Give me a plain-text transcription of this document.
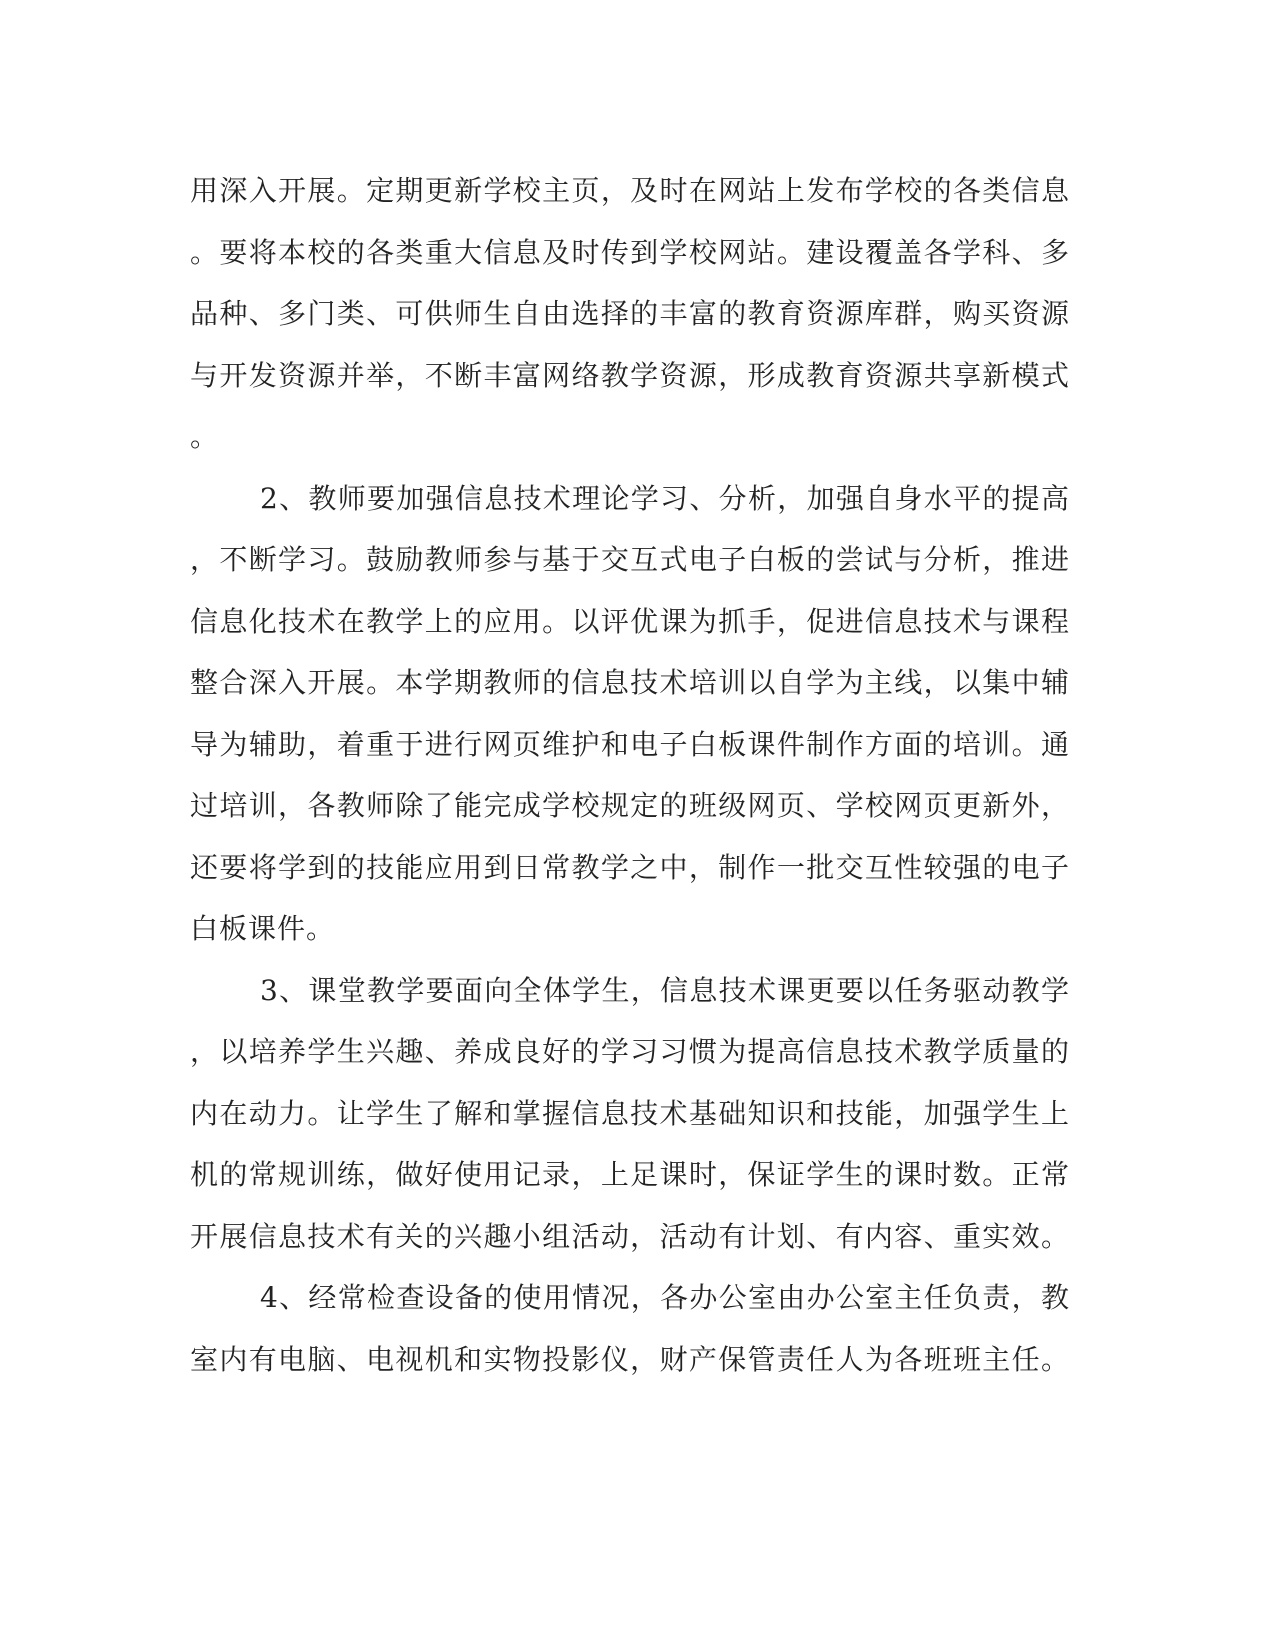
用深入开展。定期更新学校主页，及时在网站上发布学校的各类信息
。要将本校的各类重大信息及时传到学校网站。建设覆盖各学科、多
品种、多门类、可供师生自由选择的丰富的教育资源库群，购买资源
与开发资源并举，不断丰富网络教学资源，形成教育资源共享新模式
。
2、教师要加强信息技术理论学习、分析，加强自身水平的提高
，不断学习。鼓励教师参与基于交互式电子白板的尝试与分析，推进
信息化技术在教学上的应用。以评优课为抓手，促进信息技术与课程
整合深入开展。本学期教师的信息技术培训以自学为主线，以集中辅
导为辅助，着重于进行网页维护和电子白板课件制作方面的培训。通
过培训，各教师除了能完成学校规定的班级网页、学校网页更新外，
还要将学到的技能应用到日常教学之中，制作一批交互性较强的电子
白板课件。
3、课堂教学要面向全体学生，信息技术课更要以任务驱动教学
，以培养学生兴趣、养成良好的学习习惯为提高信息技术教学质量的
内在动力。让学生了解和掌握信息技术基础知识和技能，加强学生上
机的常规训练，做好使用记录，上足课时，保证学生的课时数。正常
开展信息技术有关的兴趣小组活动，活动有计划、有内容、重实效。
4、经常检查设备的使用情况，各办公室由办公室主任负责，教
室内有电脑、电视机和实物投影仪，财产保管责任人为各班班主任。
